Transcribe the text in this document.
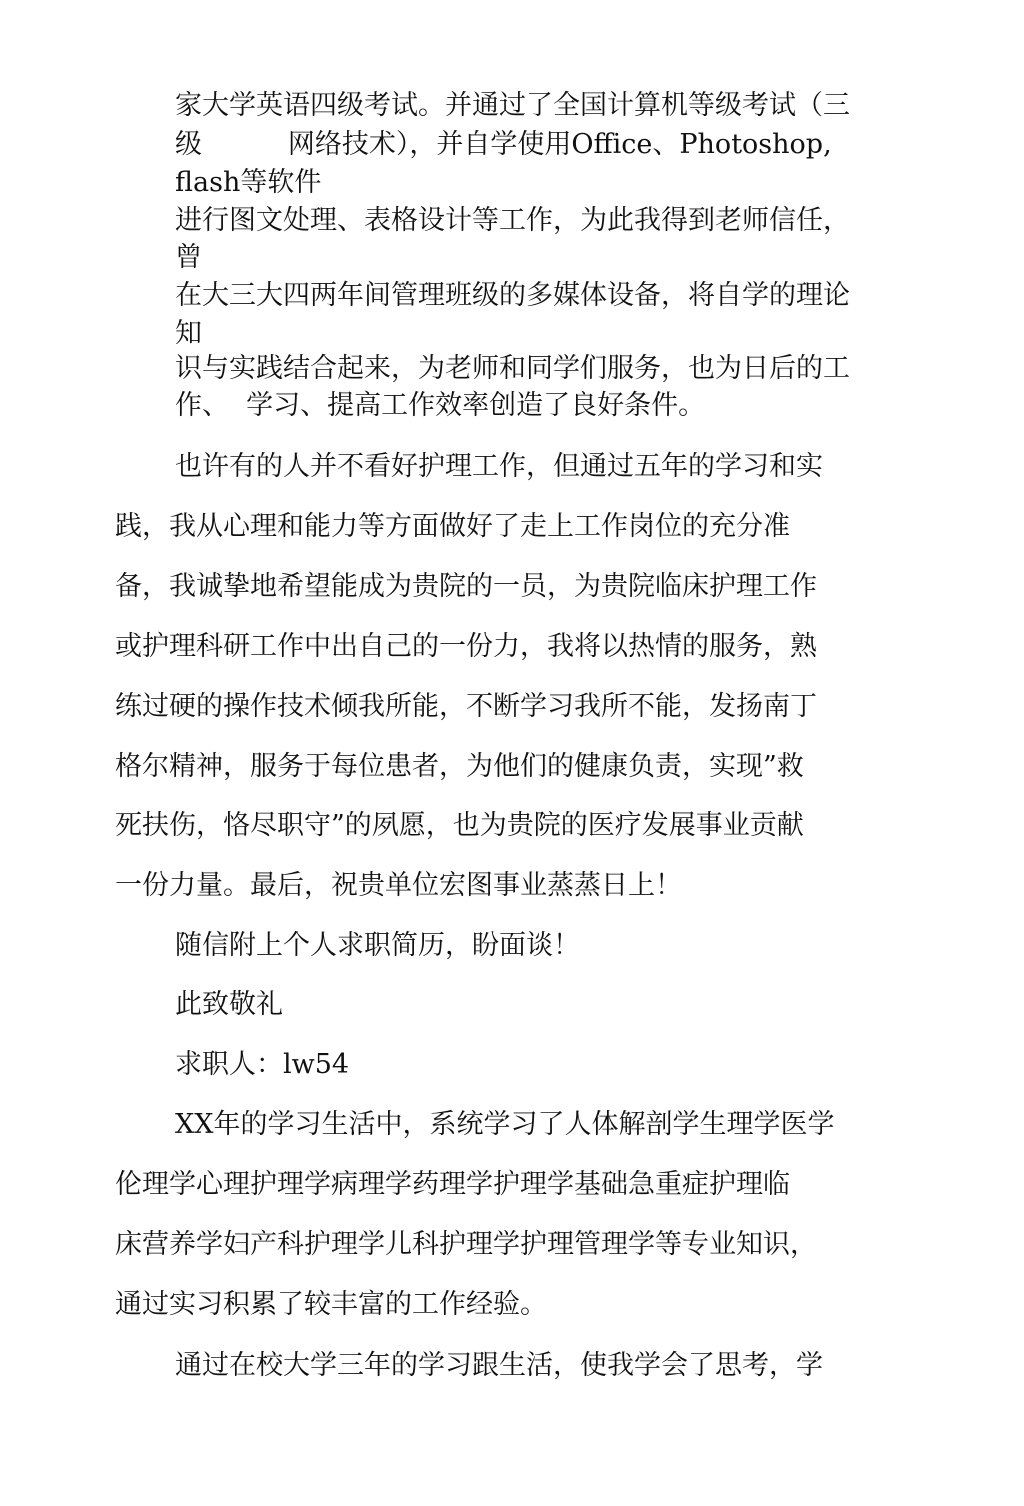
家大学英语四级考试。并通过了全国计算机等级考试（三
级          网络技术），并自学使用Office、Photoshop,
flash等软件
进行图文处理、表格设计等工作，为此我得到老师信任，
曾
在大三大四两年间管理班级的多媒体设备，将自学的理论
知
识与实践结合起来，为老师和同学们服务，也为日后的工
作、  学习、提高工作效率创造了良好条件。
也许有的人并不看好护理工作，但通过五年的学习和实
践，我从心理和能力等方面做好了走上工作岗位的充分准
备，我诚挚地希望能成为贵院的一员，为贵院临床护理工作
或护理科研工作中出自己的一份力，我将以热情的服务，熟
练过硬的操作技术倾我所能，不断学习我所不能，发扬南丁
格尔精神，服务于每位患者，为他们的健康负责，实现”救
死扶伤，恪尽职守”的夙愿，也为贵院的医疗发展事业贡献
一份力量。最后，祝贵单位宏图事业蒸蒸日上！
随信附上个人求职简历，盼面谈！
此致敬礼
求职人：lw54
XX年的学习生活中，系统学习了人体解剖学生理学医学
伦理学心理护理学病理学药理学护理学基础急重症护理临
床营养学妇产科护理学儿科护理学护理管理学等专业知识，
通过实习积累了较丰富的工作经验。
通过在校大学三年的学习跟生活，使我学会了思考，学
